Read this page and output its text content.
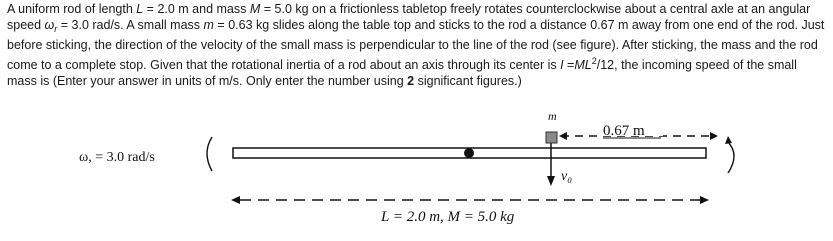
A uniform rod of length L = 2.0 m and mass M = 5.0 kg on a frictionless tabletop freely rotates counterclockwise about a central axle at an angular speed $\omega_r = 3.0$ rad/s. A small mass m = 0.63 kg slides along the table top and sticks to the rod a distance 0.67 m away from one end of the rod. Just before sticking, the direction of the velocity of the small mass is perpendicular to the line of the rod (see figure). After sticking, the mass and the rod come to a complete stop. Given that the rotational inertia of a rod about an axis through its center is $I =ML^2/12$, the incoming speed of the small mass is (Enter your answer in units of m/s. Only enter the number using 2 significant figures.)

m
0.67 m
v₀
ω, = 3.0 rad/s
L = 2.0 m, M = 5.0 kg
